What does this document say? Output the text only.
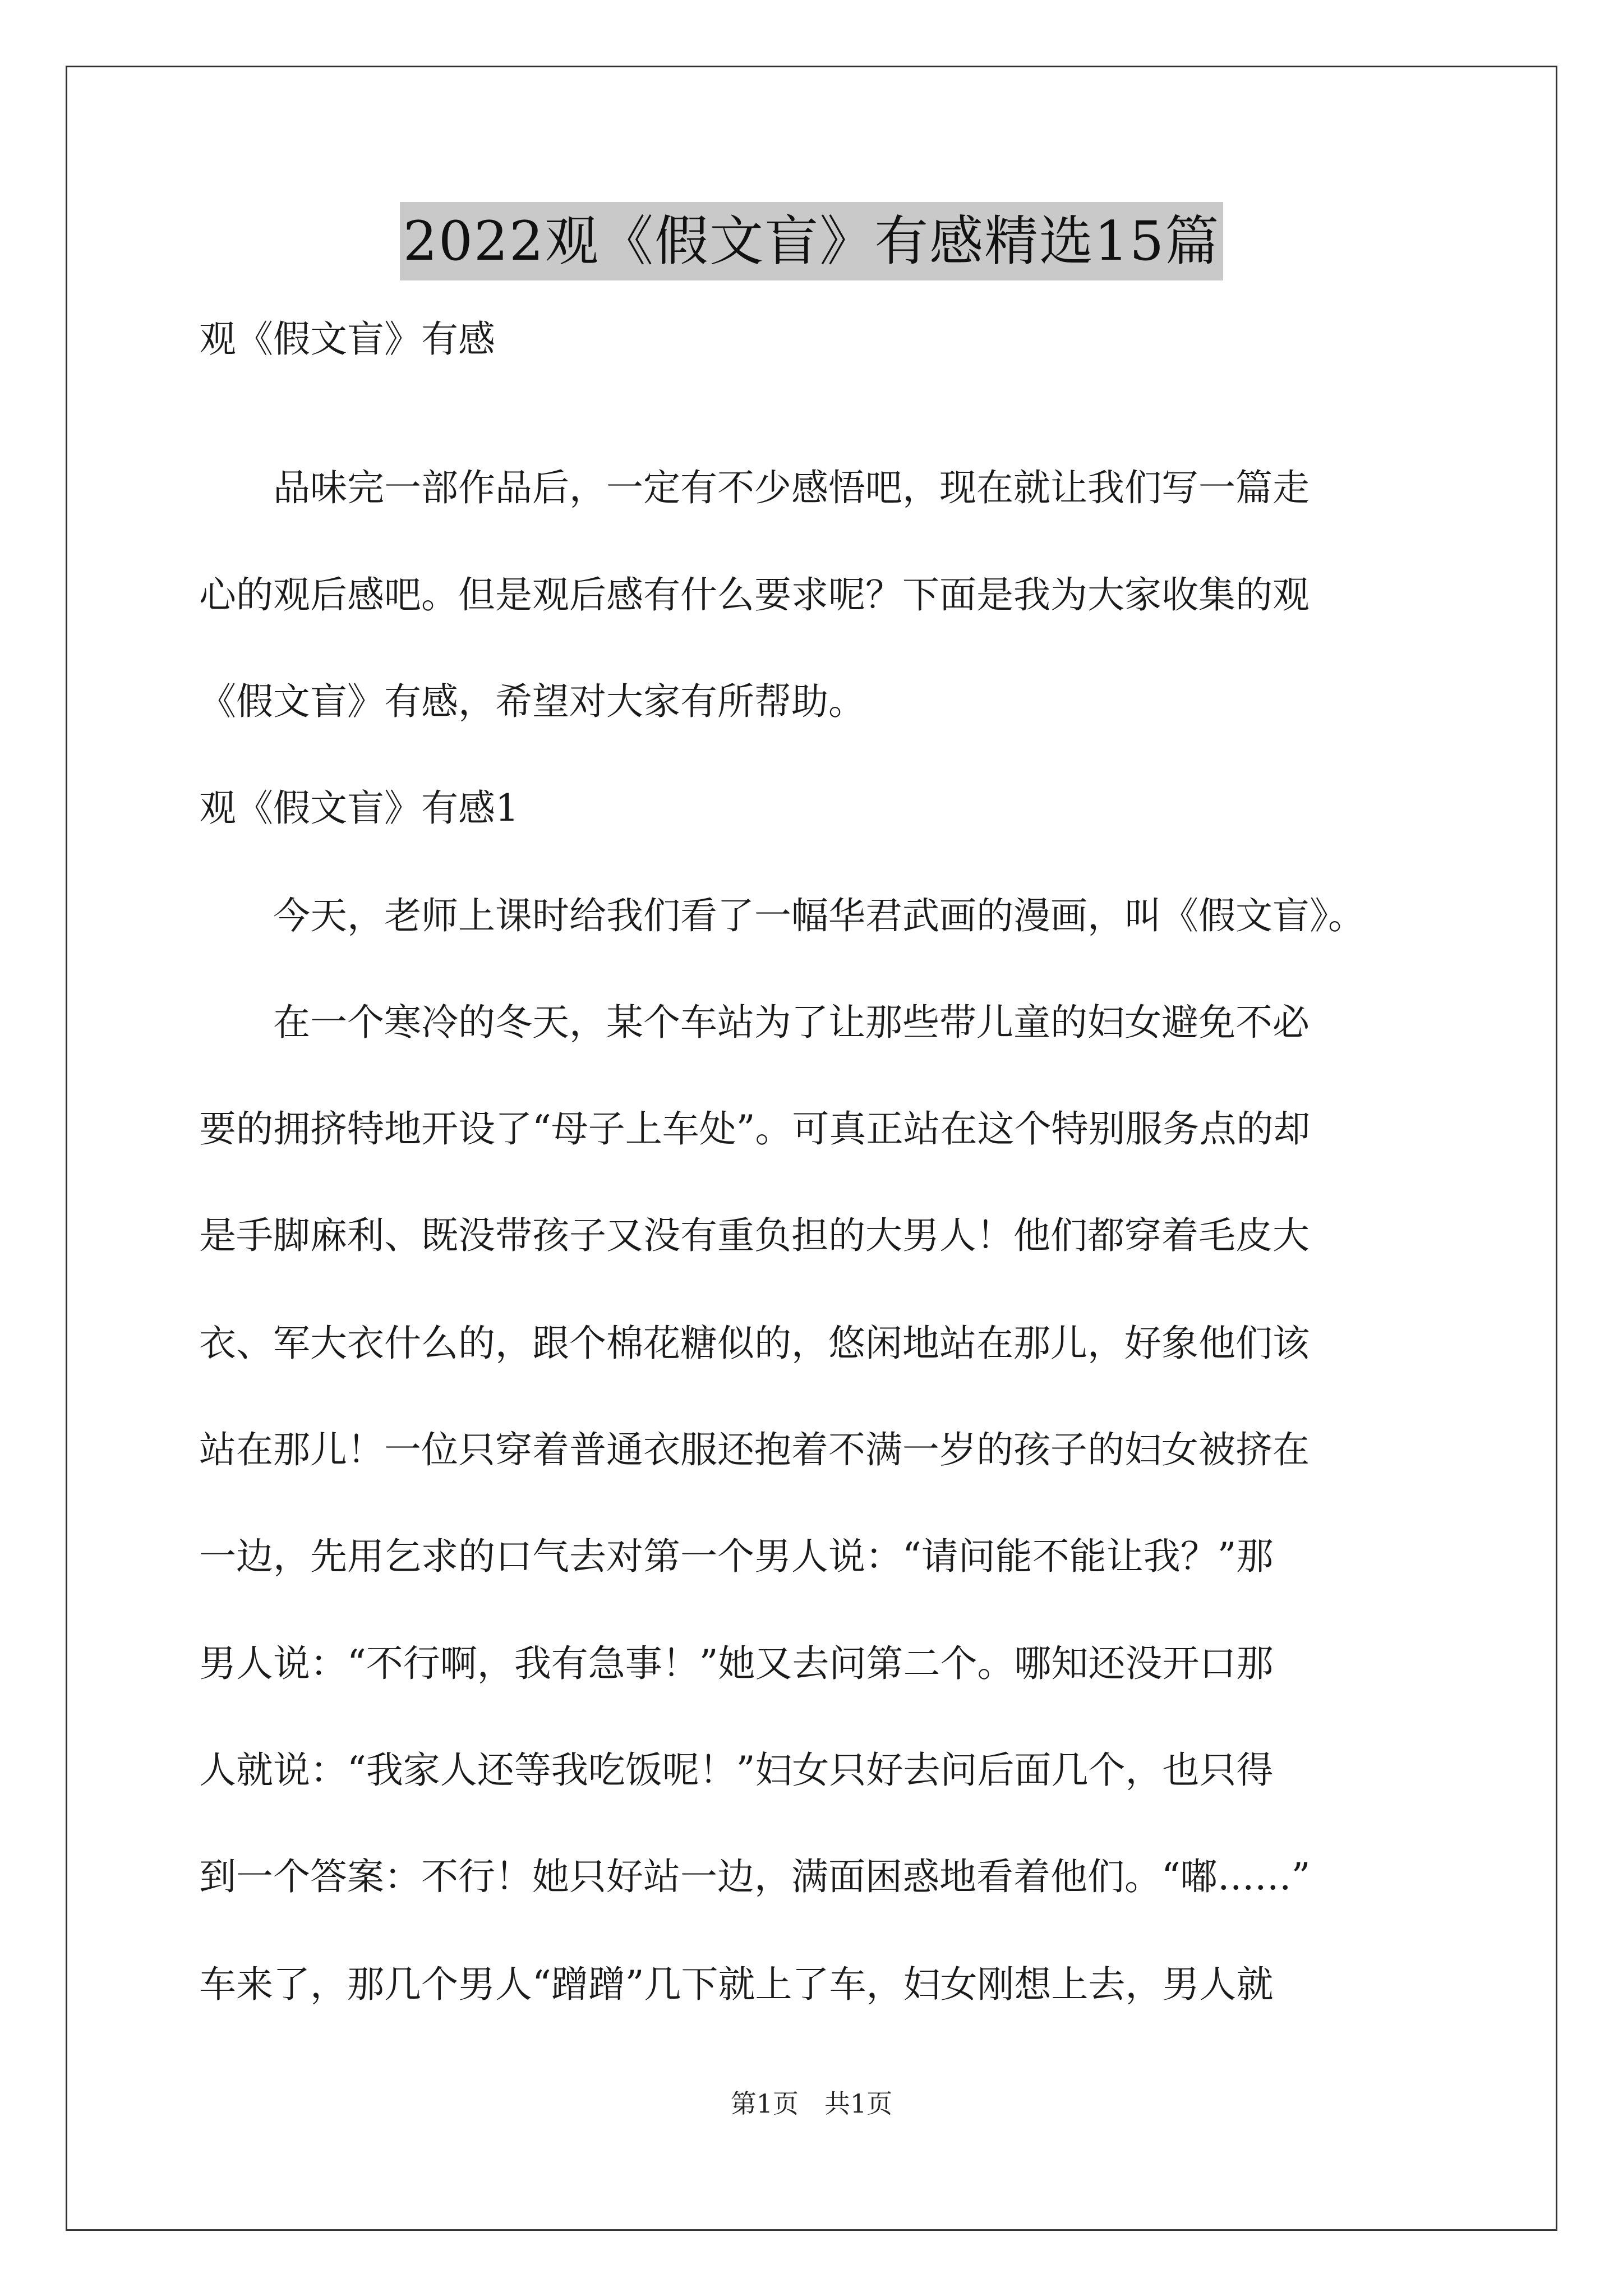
2022观《假文盲》有感精选15篇
观《假文盲》有感
　　品味完一部作品后，一定有不少感悟吧，现在就让我们写一篇走
心的观后感吧。但是观后感有什么要求呢？下面是我为大家收集的观
《假文盲》有感，希望对大家有所帮助。
观《假文盲》有感1
　　今天，老师上课时给我们看了一幅华君武画的漫画，叫《假文盲》。
　　在一个寒冷的冬天，某个车站为了让那些带儿童的妇女避免不必
要的拥挤特地开设了“母子上车处”。可真正站在这个特别服务点的却
是手脚麻利、既没带孩子又没有重负担的大男人！他们都穿着毛皮大
衣、军大衣什么的，跟个棉花糖似的，悠闲地站在那儿，好象他们该
站在那儿！一位只穿着普通衣服还抱着不满一岁的孩子的妇女被挤在
一边，先用乞求的口气去对第一个男人说：“请问能不能让我？”那
男人说：“不行啊，我有急事！”她又去问第二个。哪知还没开口那
人就说：“我家人还等我吃饭呢！”妇女只好去问后面几个，也只得
到一个答案：不行！她只好站一边，满面困惑地看着他们。“嘟……”
车来了，那几个男人“蹭蹭”几下就上了车，妇女刚想上去，男人就
第1页　共1页
